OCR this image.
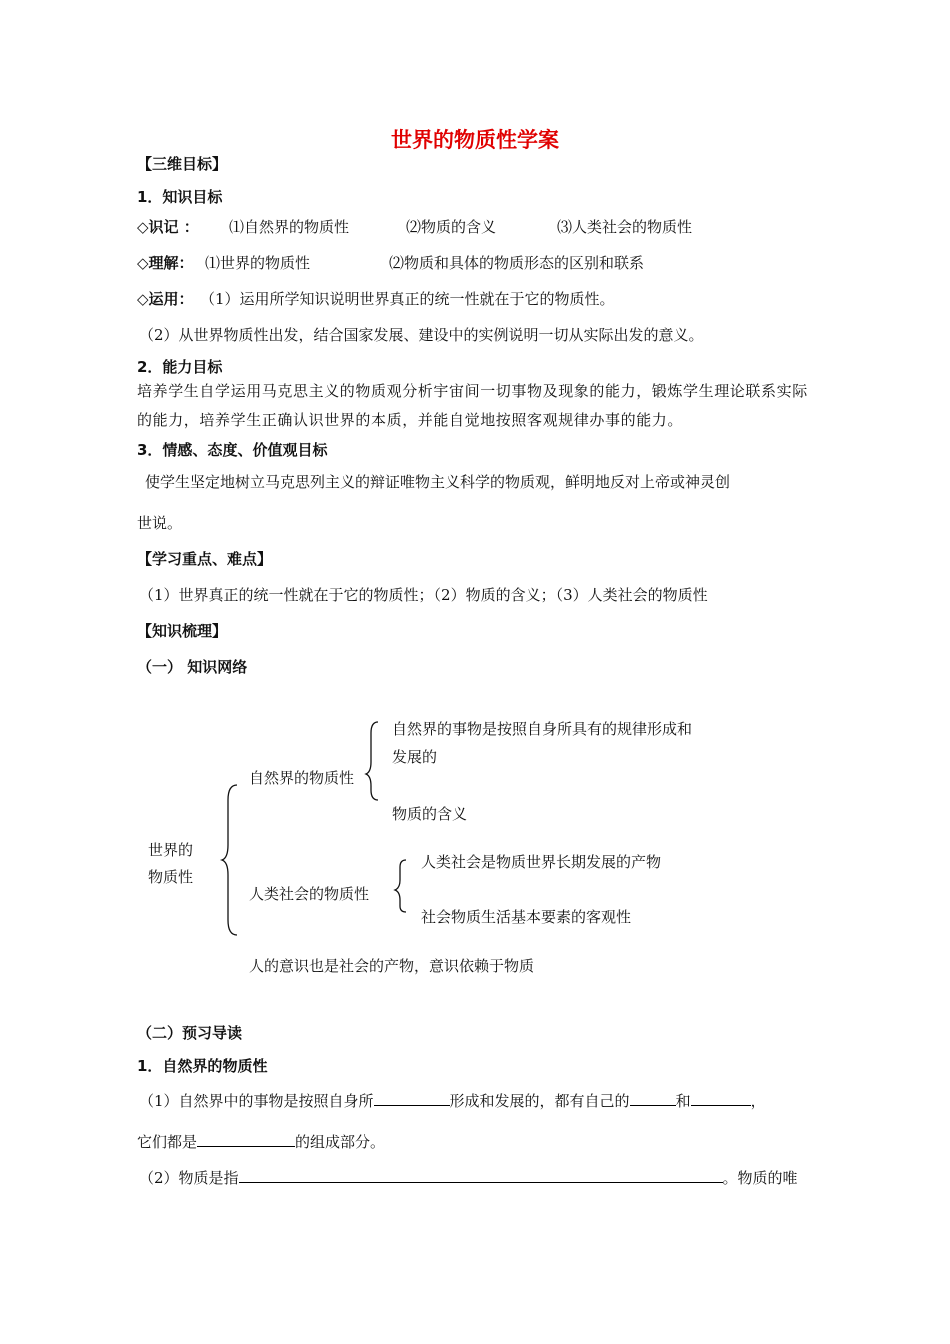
世界的物质性学案
【三维目标】
1．知识目标
◇识记 ： ⑴自然界的物质性	⑵物质的含义	⑶人类社会的物质性
◇理解： ⑴世界的物质性	⑵物质和具体的物质形态的区别和联系
◇运用： （1）运用所学知识说明世界真正的统一性就在于它的物质性。
（2）从世界物质性出发，结合国家发展、建设中的实例说明一切从实际出发的意义。
2．能力目标
培养学生自学运用马克思主义的物质观分析宇宙间一切事物及现象的能力，锻炼学生理论联系实际的能力，培养学生正确认识世界的本质，并能自觉地按照客观规律办事的能力。
3．情感、态度、价值观目标
使学生坚定地树立马克思列主义的辩证唯物主义科学的物质观，鲜明地反对上帝或神灵创
世说。
【学习重点、难点】
（1）世界真正的统一性就在于它的物质性；（2）物质的含义；（3）人类社会的物质性
【知识梳理】
（一） 知识网络
世界的
物质性
自然界的物质性
自然界的事物是按照自身所具有的规律形成和
发展的
物质的含义
人类社会的物质性
人类社会是物质世界长期发展的产物
社会物质生活基本要素的客观性
人的意识也是社会的产物，意识依赖于物质
（二）预习导读
1．自然界的物质性
（1）自然界中的事物是按照自身所	形成和发展的，都有自己的	和	，
它们都是	的组成部分。
（2）物质是指	。物质的唯
